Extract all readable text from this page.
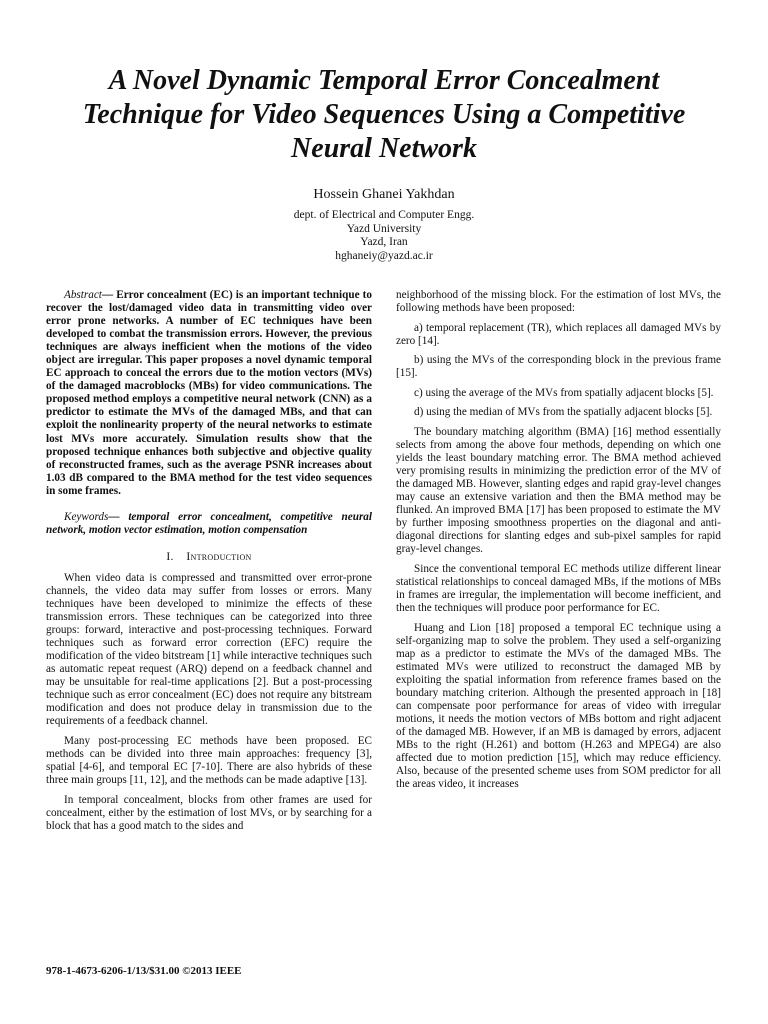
A Novel Dynamic Temporal Error Concealment
Technique for Video Sequences Using a Competitive
Neural Network
Hossein Ghanei Yakhdan
dept. of Electrical and Computer Engg.
Yazd University
Yazd, Iran
hghaneiy@yazd.ac.ir

Abstract— Error concealment (EC) is an important technique to recover the lost/damaged video data in transmitting video over error prone networks. A number of EC techniques have been developed to combat the transmission errors. However, the previous techniques are always inefficient when the motions of the video object are irregular. This paper proposes a novel dynamic temporal EC approach to conceal the errors due to the motion vectors (MVs) of the damaged macroblocks (MBs) for video communications. The proposed method employs a competitive neural network (CNN) as a predictor to estimate the MVs of the damaged MBs, and that can exploit the nonlinearity property of the neural networks to estimate lost MVs more accurately. Simulation results show that the proposed technique enhances both subjective and objective quality of reconstructed frames, such as the average PSNR increases about 1.03 dB compared to the BMA method for the test video sequences in some frames.

Keywords— temporal error concealment, competitive neural network, motion vector estimation, motion compensation

I. Introduction

When video data is compressed and transmitted over error-prone channels, the video data may suffer from losses or errors. Many techniques have been developed to minimize the effects of these transmission errors. These techniques can be categorized into three groups: forward, interactive and post-processing techniques. Forward techniques such as forward error correction (EFC) require the modification of the video bitstream [1] while interactive techniques such as automatic repeat request (ARQ) depend on a feedback channel and may be unsuitable for real-time applications [2]. But a post-processing technique such as error concealment (EC) does not require any bitstream modification and does not produce delay in transmission due to the requirements of a feedback channel.

Many post-processing EC methods have been proposed. EC methods can be divided into three main approaches: frequency [3], spatial [4-6], and temporal EC [7-10]. There are also hybrids of these three main groups [11, 12], and the methods can be made adaptive [13].

In temporal concealment, blocks from other frames are used for concealment, either by the estimation of lost MVs, or by searching for a block that has a good match to the sides and

neighborhood of the missing block. For the estimation of lost MVs, the following methods have been proposed:

a) temporal replacement (TR), which replaces all damaged MVs by zero [14].

b) using the MVs of the corresponding block in the previous frame [15].

c) using the average of the MVs from spatially adjacent blocks [5].

d) using the median of MVs from the spatially adjacent blocks [5].

The boundary matching algorithm (BMA) [16] method essentially selects from among the above four methods, depending on which one yields the least boundary matching error. The BMA method achieved very promising results in minimizing the prediction error of the MV of the damaged MB. However, slanting edges and rapid gray-level changes may cause an extensive variation and then the BMA method may be flunked. An improved BMA [17] has been proposed to estimate the MV by further imposing smoothness properties on the diagonal and anti-diagonal directions for slanting edges and sub-pixel samples for rapid gray-level changes.

Since the conventional temporal EC methods utilize different linear statistical relationships to conceal damaged MBs, if the motions of MBs in frames are irregular, the implementation will become inefficient, and then the techniques will produce poor performance for EC.

Huang and Lion [18] proposed a temporal EC technique using a self-organizing map to solve the problem. They used a self-organizing map as a predictor to estimate the MVs of the damaged MBs. The estimated MVs were utilized to reconstruct the damaged MB by exploiting the spatial information from reference frames based on the boundary matching criterion. Although the presented approach in [18] can compensate poor performance for areas of video with irregular motions, it needs the motion vectors of MBs bottom and right adjacent of the damaged MB. However, if an MB is damaged by errors, adjacent MBs to the right (H.261) and bottom (H.263 and MPEG4) are also affected due to motion prediction [15], which may reduce efficiency. Also, because of the presented scheme uses from SOM predictor for all the areas video, it increases

978-1-4673-6206-1/13/$31.00 ©2013 IEEE
